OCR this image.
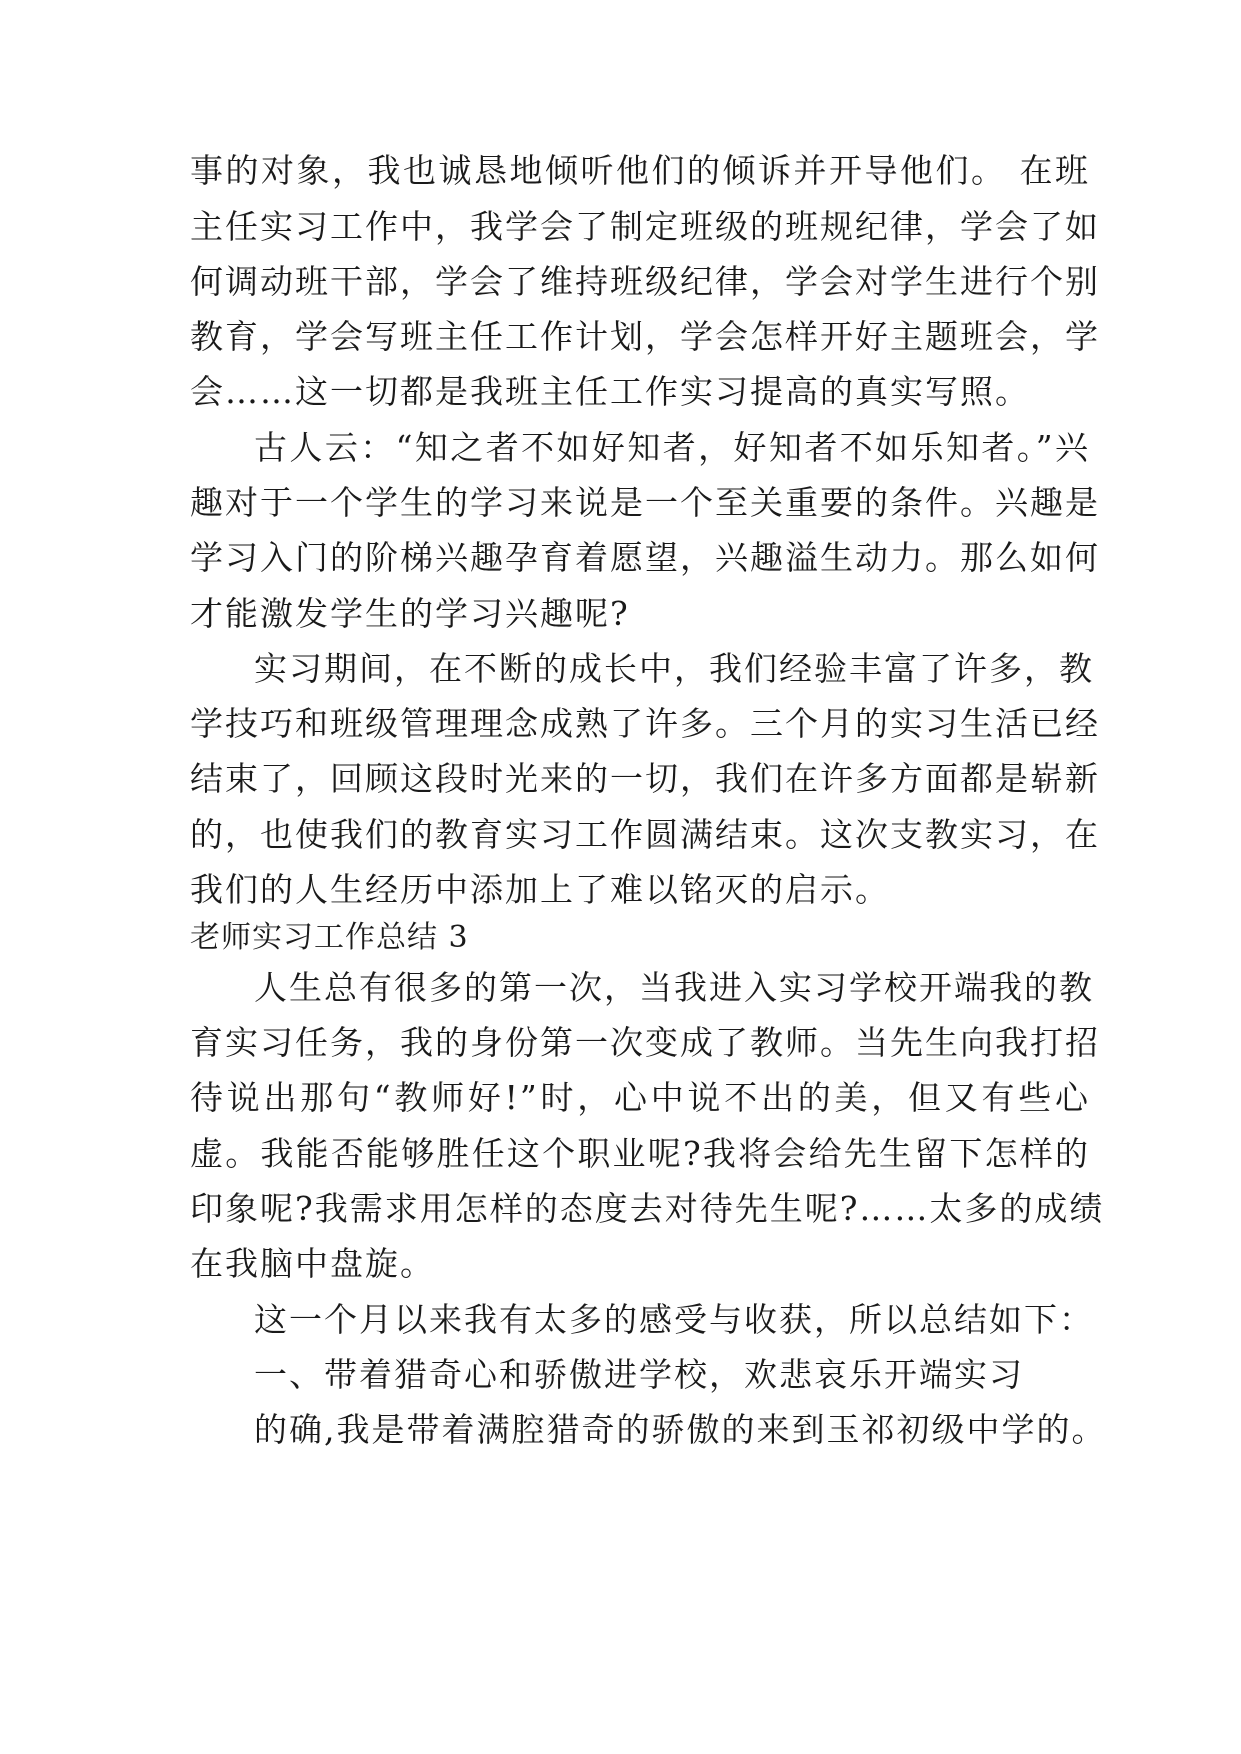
事的对象，我也诚恳地倾听他们的倾诉并开导他们。 在班
主任实习工作中，我学会了制定班级的班规纪律，学会了如
何调动班干部，学会了维持班级纪律，学会对学生进行个别
教育，学会写班主任工作计划，学会怎样开好主题班会，学
会……这一切都是我班主任工作实习提高的真实写照。
古人云：“知之者不如好知者，好知者不如乐知者。”兴
趣对于一个学生的学习来说是一个至关重要的条件。兴趣是
学习入门的阶梯兴趣孕育着愿望，兴趣溢生动力。那么如何
才能激发学生的学习兴趣呢?
实习期间，在不断的成长中，我们经验丰富了许多，教
学技巧和班级管理理念成熟了许多。三个月的实习生活已经
结束了，回顾这段时光来的一切，我们在许多方面都是崭新
的，也使我们的教育实习工作圆满结束。这次支教实习，在
我们的人生经历中添加上了难以铭灭的启示。
老师实习工作总结 3
人生总有很多的第一次，当我进入实习学校开端我的教
育实习任务，我的身份第一次变成了教师。当先生向我打招
待说出那句“教师好!”时，心中说不出的美，但又有些心
虚。我能否能够胜任这个职业呢?我将会给先生留下怎样的
印象呢?我需求用怎样的态度去对待先生呢?……太多的成绩
在我脑中盘旋。
这一个月以来我有太多的感受与收获，所以总结如下：
一、带着猎奇心和骄傲进学校，欢悲哀乐开端实习
的确,我是带着满腔猎奇的骄傲的来到玉祁初级中学的。
